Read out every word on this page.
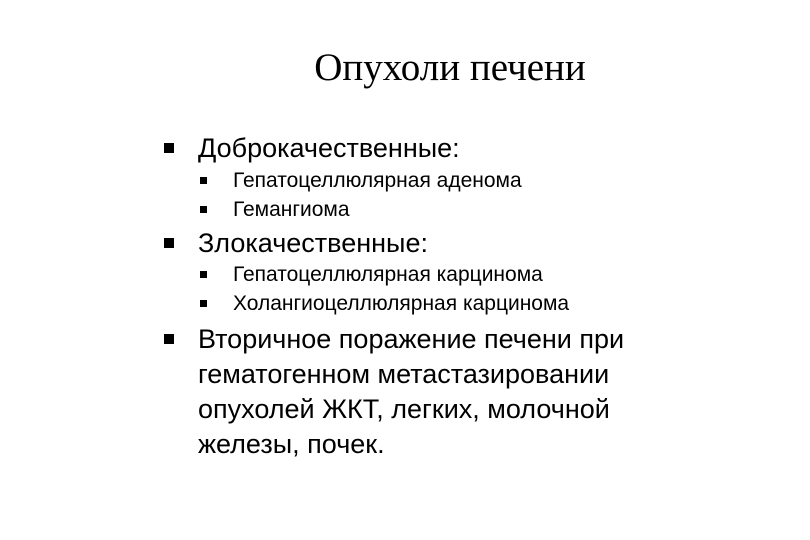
Опухоли печени
Доброкачественные:
Гепатоцеллюлярная аденома
Гемангиома
Злокачественные:
Гепатоцеллюлярная карцинома
Холангиоцеллюлярная карцинома
Вторичное поражение печени при
гематогенном метастазировании
опухолей ЖКТ, легких, молочной
железы, почек.
